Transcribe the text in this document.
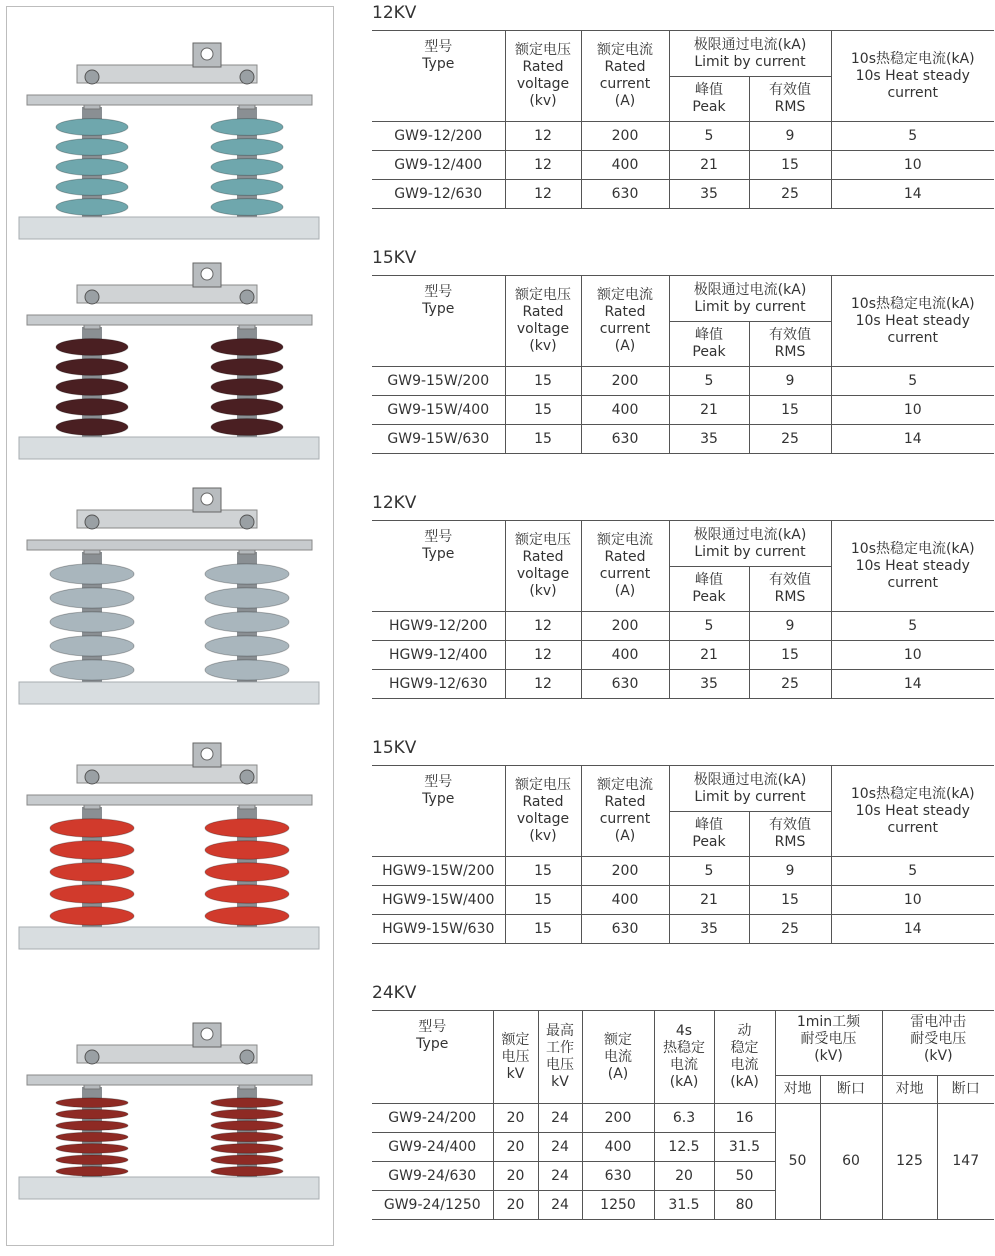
12KV
型号
Type	额定电压
Rated
voltage
(kv)	额定电流
Rated
current
(A)	极限通过电流(kA)
Limit by current		10s热稳定电流(kA)
10s Heat steady
current
			峰值
Peak	有效值
RMS	
GW9-12/200	12	200	5	9	5
GW9-12/400	12	400	21	15	10
GW9-12/630	12	630	35	25	14
15KV
型号
Type	额定电压
Rated
voltage
(kv)	额定电流
Rated
current
(A)	极限通过电流(kA)
Limit by current		10s热稳定电流(kA)
10s Heat steady
current
			峰值
Peak	有效值
RMS	
GW9-15W/200	15	200	5	9	5
GW9-15W/400	15	400	21	15	10
GW9-15W/630	15	630	35	25	14
12KV
型号
Type	额定电压
Rated
voltage
(kv)	额定电流
Rated
current
(A)	极限通过电流(kA)
Limit by current		10s热稳定电流(kA)
10s Heat steady
current
			峰值
Peak	有效值
RMS	
HGW9-12/200	12	200	5	9	5
HGW9-12/400	12	400	21	15	10
HGW9-12/630	12	630	35	25	14
15KV
型号
Type	额定电压
Rated
voltage
(kv)	额定电流
Rated
current
(A)	极限通过电流(kA)
Limit by current		10s热稳定电流(kA)
10s Heat steady
current
			峰值
Peak	有效值
RMS	
HGW9-15W/200	15	200	5	9	5
HGW9-15W/400	15	400	21	15	10
HGW9-15W/630	15	630	35	25	14
24KV
型号
Type	额定
电压
kV	最高
工作
电压
kV	额定
电流
(A)	4s
热稳定
电流
(kA)	动
稳定
电流
(kA)	1min工频
耐受电压
(kV)		雷电冲击
耐受电压
(kV)	
						对地	断口	对地	断口
GW9-24/200	20	24	200	6.3	16	50	60	125	147
GW9-24/400	20	24	400	12.5	31.5				
GW9-24/630	20	24	630	20	50				
GW9-24/1250	20	24	1250	31.5	80				
